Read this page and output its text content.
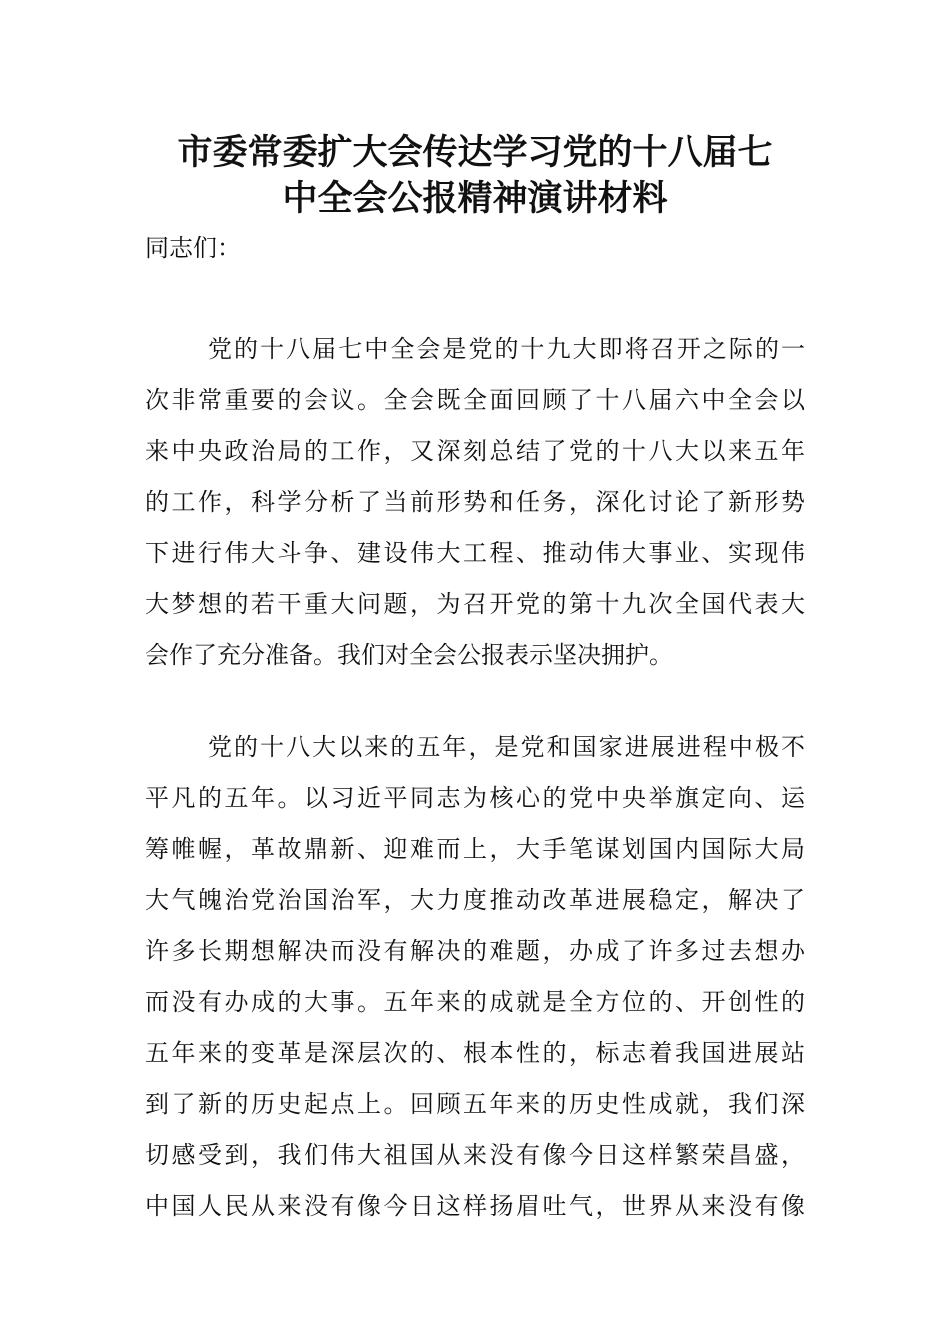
市委常委扩大会传达学习党的十八届七
中全会公报精神演讲材料
同志们：
党的十八届七中全会是党的十九大即将召开之际的一
次非常重要的会议。全会既全面回顾了十八届六中全会以
来中央政治局的工作，又深刻总结了党的十八大以来五年
的工作，科学分析了当前形势和任务，深化讨论了新形势
下进行伟大斗争、建设伟大工程、推动伟大事业、实现伟
大梦想的若干重大问题，为召开党的第十九次全国代表大
会作了充分准备。我们对全会公报表示坚决拥护。
党的十八大以来的五年，是党和国家进展进程中极不
平凡的五年。以习近平同志为核心的党中央举旗定向、运
筹帷幄，革故鼎新、迎难而上，大手笔谋划国内国际大局
大气魄治党治国治军，大力度推动改革进展稳定，解决了
许多长期想解决而没有解决的难题，办成了许多过去想办
而没有办成的大事。五年来的成就是全方位的、开创性的
五年来的变革是深层次的、根本性的，标志着我国进展站
到了新的历史起点上。回顾五年来的历史性成就，我们深
切感受到，我们伟大祖国从来没有像今日这样繁荣昌盛，
中国人民从来没有像今日这样扬眉吐气，世界从来没有像
